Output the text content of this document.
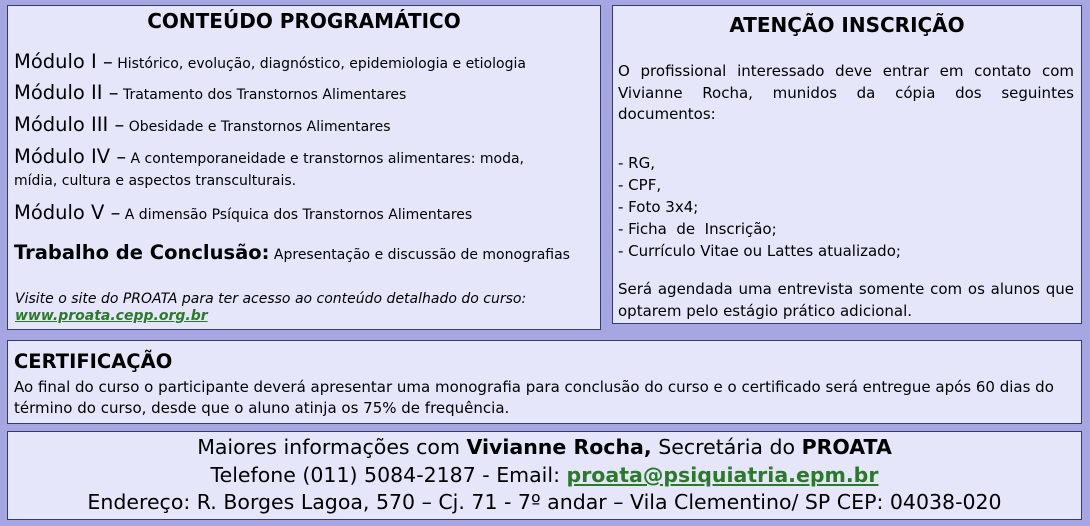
CONTEÚDO PROGRAMÁTICO
Módulo I – Histórico, evolução, diagnóstico, epidemiologia e etiologia
Módulo II – Tratamento dos Transtornos Alimentares
Módulo III – Obesidade e Transtornos Alimentares
Módulo IV – A contemporaneidade e transtornos alimentares: moda,
mídia, cultura e aspectos transculturais.
Módulo V – A dimensão Psíquica dos Transtornos Alimentares
Trabalho de Conclusão: Apresentação e discussão de monografias
Visite o site do PROATA para ter acesso ao conteúdo detalhado do curso:
www.proata.cepp.org.br
ATENÇÃO INSCRIÇÃO
O profissional interessado deve entrar em contato com Vivianne Rocha, munidos da cópia dos seguintes documentos:
- RG,
- CPF,
- Foto 3x4;
- Ficha  de  Inscrição;
- Currículo Vitae ou Lattes atualizado;
Será agendada uma entrevista somente com os alunos que optarem pelo estágio prático adicional.
CERTIFICAÇÃO
Ao final do curso o participante deverá apresentar uma monografia para conclusão do curso e o certificado será entregue após 60 dias do término do curso, desde que o aluno atinja os 75% de frequência.
Maiores informações com Vivianne Rocha, Secretária do PROATA
Telefone (011) 5084-2187 - Email: proata@psiquiatria.epm.br
Endereço: R. Borges Lagoa, 570 – Cj. 71 - 7º andar – Vila Clementino/ SP CEP: 04038-020
